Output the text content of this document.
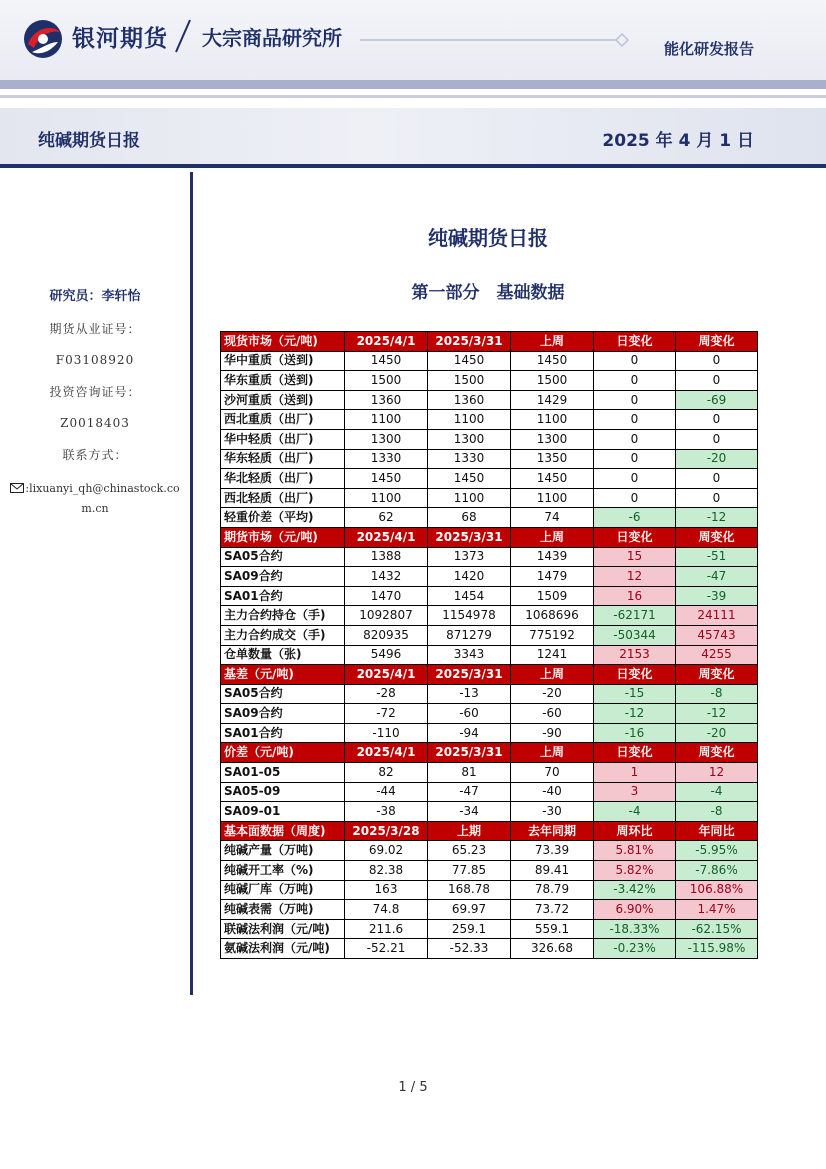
银河期货 大宗商品研究所	能化研发报告
纯碱期货日报	2025 年 4 月 1 日
研究员：李轩怡
期货从业证号：
F03108920
投资咨询证号：
Z0018403
联系方式：
:lixuanyi_qh@chinastock.com.cn
纯碱期货日报
第一部分　基础数据
现货市场（元/吨)	2025/4/1	2025/3/31	上周	日变化	周变化
华中重质（送到)	1450	1450	1450	0	0
华东重质（送到)	1500	1500	1500	0	0
沙河重质（送到)	1360	1360	1429	0	-69
西北重质（出厂)	1100	1100	1100	0	0
华中轻质（出厂)	1300	1300	1300	0	0
华东轻质（出厂)	1330	1330	1350	0	-20
华北轻质（出厂)	1450	1450	1450	0	0
西北轻质（出厂)	1100	1100	1100	0	0
轻重价差（平均)	62	68	74	-6	-12
期货市场（元/吨)	2025/4/1	2025/3/31	上周	日变化	周变化
SA05合约	1388	1373	1439	15	-51
SA09合约	1432	1420	1479	12	-47
SA01合约	1470	1454	1509	16	-39
主力合约持仓（手)	1092807	1154978	1068696	-62171	24111
主力合约成交（手)	820935	871279	775192	-50344	45743
仓单数量（张)	5496	3343	1241	2153	4255
基差（元/吨)	2025/4/1	2025/3/31	上周	日变化	周变化
SA05合约	-28	-13	-20	-15	-8
SA09合约	-72	-60	-60	-12	-12
SA01合约	-110	-94	-90	-16	-20
价差（元/吨)	2025/4/1	2025/3/31	上周	日变化	周变化
SA01-05	82	81	70	1	12
SA05-09	-44	-47	-40	3	-4
SA09-01	-38	-34	-30	-4	-8
基本面数据（周度)	2025/3/28	上期	去年同期	周环比	年同比
纯碱产量（万吨)	69.02	65.23	73.39	5.81%	-5.95%
纯碱开工率（%)	82.38	77.85	89.41	5.82%	-7.86%
纯碱厂库（万吨)	163	168.78	78.79	-3.42%	106.88%
纯碱表需（万吨)	74.8	69.97	73.72	6.90%	1.47%
联碱法利润（元/吨)	211.6	259.1	559.1	-18.33%	-62.15%
氨碱法利润（元/吨)	-52.21	-52.33	326.68	-0.23%	-115.98%
1 / 5
